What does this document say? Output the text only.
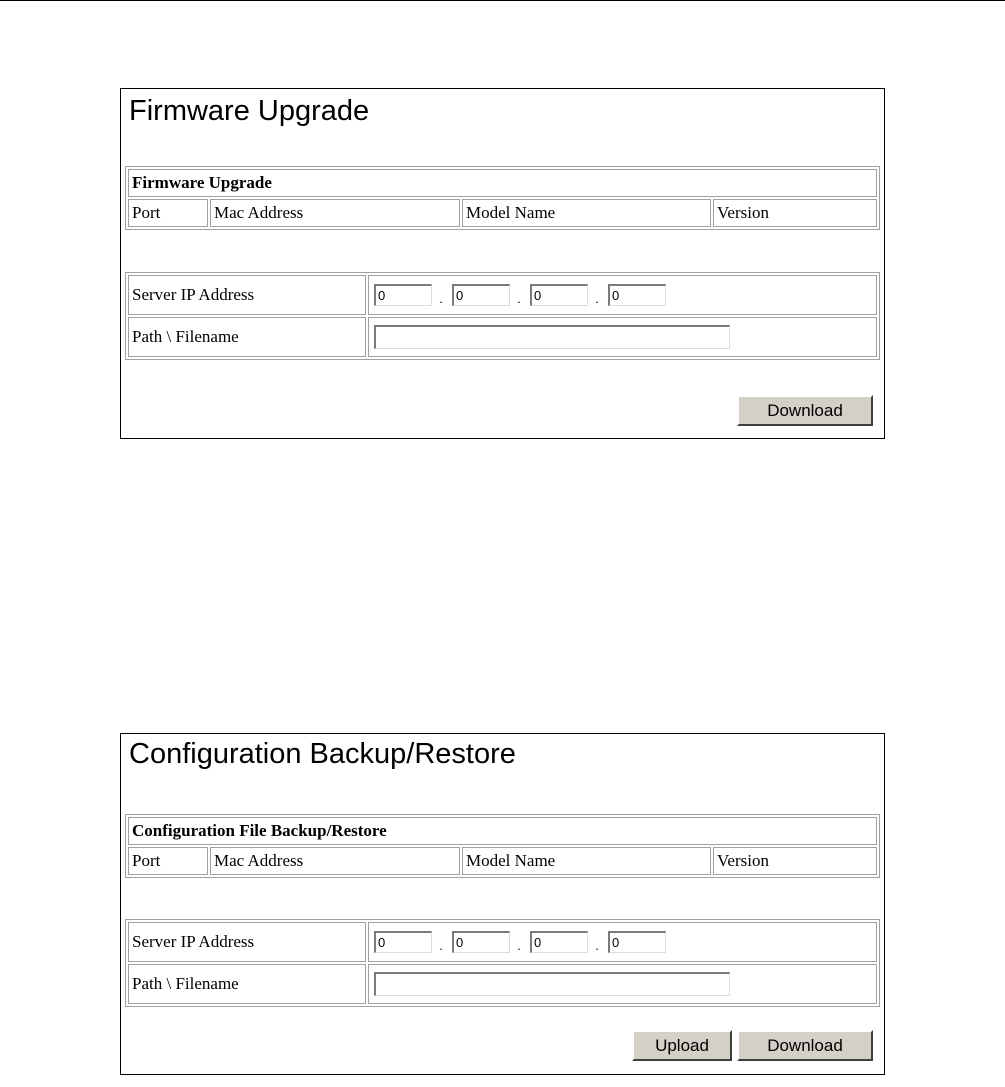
Firmware Upgrade
Firmware Upgrade
Port	Mac Address	Model Name	Version
Server IP Address	0 . 0 . 0 . 0
Path \ Filename	
Download
Configuration Backup/Restore
Configuration File Backup/Restore
Port	Mac Address	Model Name	Version
Server IP Address	0 . 0 . 0 . 0
Path \ Filename	
Upload	Download
